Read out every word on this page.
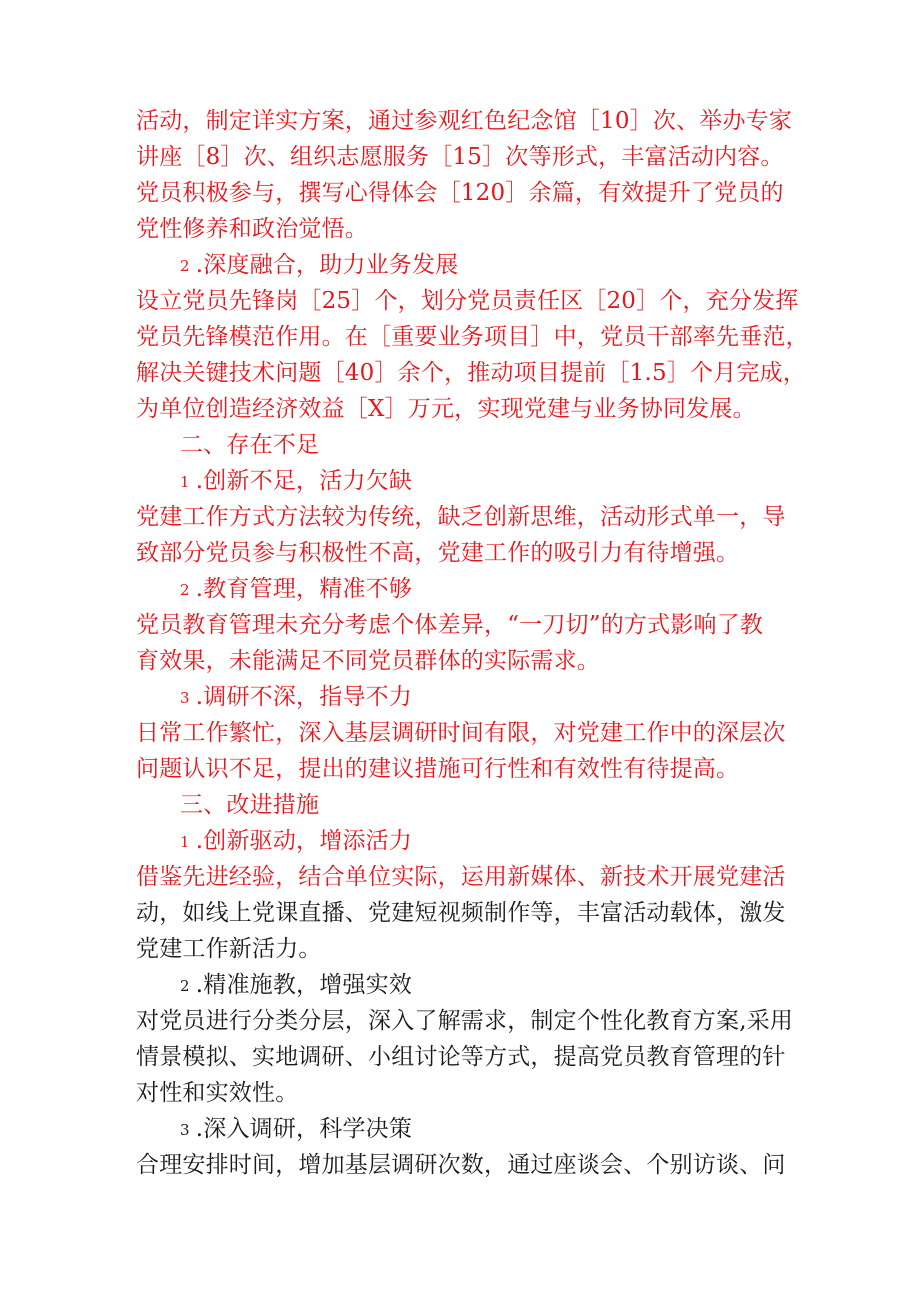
活动，制定详实方案，通过参观红色纪念馆［10］次、举办专家
讲座［8］次、组织志愿服务［15］次等形式，丰富活动内容。
党员积极参与，撰写心得体会［120］余篇，有效提升了党员的
党性修养和政治觉悟。
2 .深度融合，助力业务发展
设立党员先锋岗［25］个，划分党员责任区［20］个，充分发挥
党员先锋模范作用。在［重要业务项目］中，党员干部率先垂范，
解决关键技术问题［40］余个，推动项目提前［1.5］个月完成，
为单位创造经济效益［X］万元，实现党建与业务协同发展。
二、存在不足
1 .创新不足，活力欠缺
党建工作方式方法较为传统，缺乏创新思维，活动形式单一，导
致部分党员参与积极性不高，党建工作的吸引力有待增强。
2 .教育管理，精准不够
党员教育管理未充分考虑个体差异，“一刀切”的方式影响了教
育效果，未能满足不同党员群体的实际需求。
3 .调研不深，指导不力
日常工作繁忙，深入基层调研时间有限，对党建工作中的深层次
问题认识不足，提出的建议措施可行性和有效性有待提高。
三、改进措施
1 .创新驱动，增添活力
借鉴先进经验，结合单位实际，运用新媒体、新技术开展党建活
动，如线上党课直播、党建短视频制作等，丰富活动载体，激发
党建工作新活力。
2 .精准施教，增强实效
对党员进行分类分层，深入了解需求，制定个性化教育方案,采用
情景模拟、实地调研、小组讨论等方式，提高党员教育管理的针
对性和实效性。
3 .深入调研，科学决策
合理安排时间，增加基层调研次数，通过座谈会、个别访谈、问
